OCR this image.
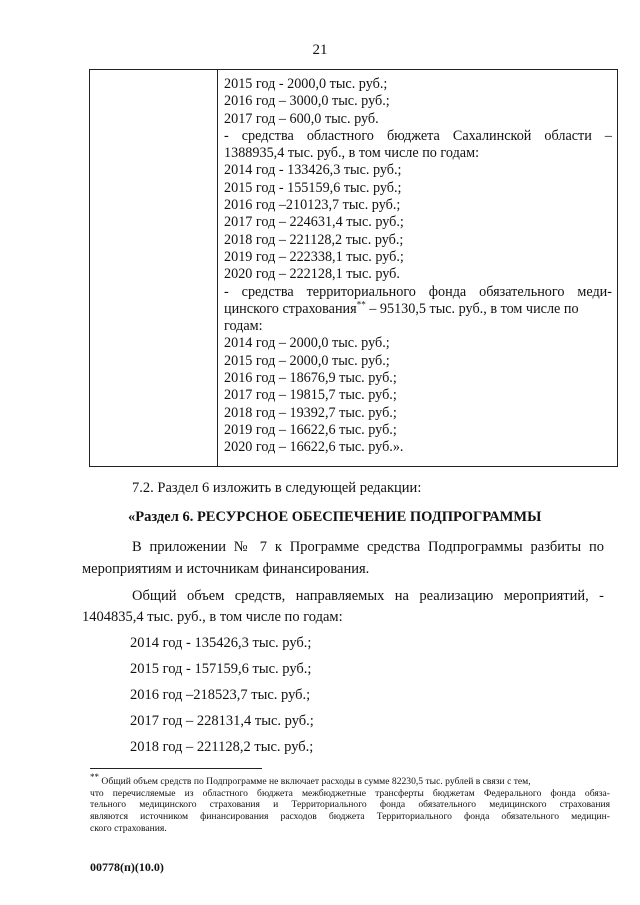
21
2015 год - 2000,0 тыс. руб.;
2016 год – 3000,0 тыс. руб.;
2017 год – 600,0 тыс. руб.
- средства областного бюджета Сахалинской области –
1388935,4 тыс. руб., в том числе по годам:
2014 год - 133426,3 тыс. руб.;
2015 год - 155159,6 тыс. руб.;
2016 год –210123,7 тыс. руб.;
2017 год – 224631,4 тыс. руб.;
2018 год – 221128,2 тыс. руб.;
2019 год – 222338,1 тыс. руб.;
2020 год – 222128,1 тыс. руб.
- средства территориального фонда обязательного меди-
цинского страхования** – 95130,5 тыс. руб., в том числе по
годам:
2014 год – 2000,0 тыс. руб.;
2015 год – 2000,0 тыс. руб.;
2016 год – 18676,9 тыс. руб.;
2017 год – 19815,7 тыс. руб.;
2018 год – 19392,7 тыс. руб.;
2019 год – 16622,6 тыс. руб.;
2020 год – 16622,6 тыс. руб.».
7.2. Раздел 6 изложить в следующей редакции:
«Раздел 6. РЕСУРСНОЕ ОБЕСПЕЧЕНИЕ ПОДПРОГРАММЫ
В приложении № 7 к Программе средства Подпрограммы разбиты по
мероприятиям и источникам финансирования.
Общий объем средств, направляемых на реализацию мероприятий, -
1404835,4 тыс. руб., в том числе по годам:
2014 год - 135426,3 тыс. руб.;
2015 год - 157159,6 тыс. руб.;
2016 год –218523,7 тыс. руб.;
2017 год – 228131,4 тыс. руб.;
2018 год – 221128,2 тыс. руб.;
** Общий объем средств по Подпрограмме не включает расходы в сумме 82230,5 тыс. рублей в связи с тем,
что перечисляемые из областного бюджета межбюджетные трансферты бюджетам Федерального фонда обяза-
тельного медицинского страхования и Территориального фонда обязательного медицинского страхования
являются источником финансирования расходов бюджета Территориального фонда обязательного медицин-
ского страхования.
00778(п)(10.0)
